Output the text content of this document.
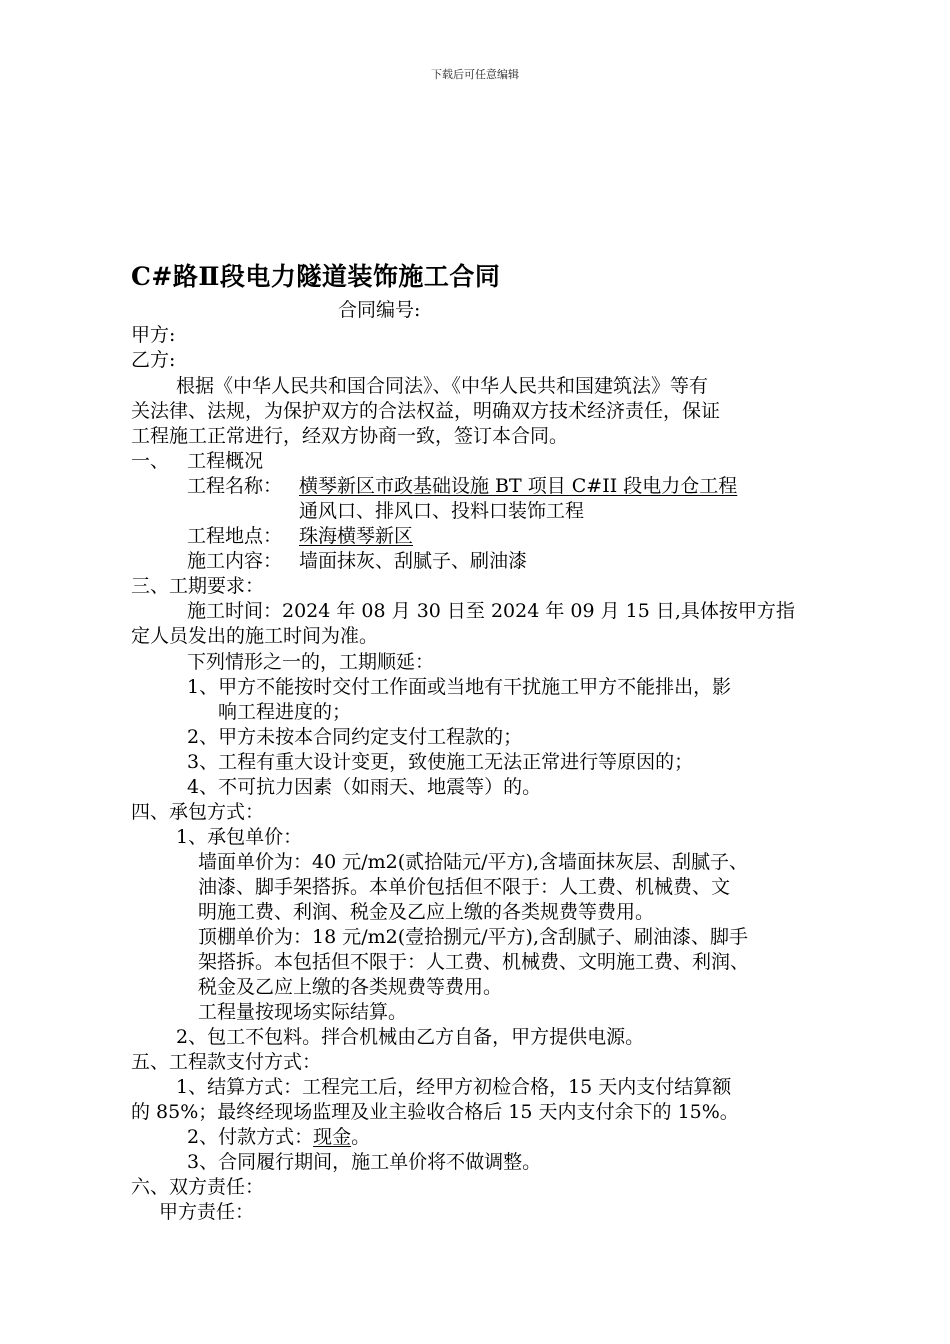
下载后可任意编辑
C#路Ⅱ段电力隧道装饰施工合同
合同编号:
甲方:
乙方:
根据《中华人民共和国合同法》、《中华人民共和国建筑法》等有
关法律、法规，为保护双方的合法权益，明确双方技术经济责任，保证
工程施工正常进行，经双方协商一致，签订本合同。
一、   工程概况
工程名称： 横琴新区市政基础设施 BT 项目 C#II 段电力仓工程
通风口、排风口、投料口装饰工程
工程地点： 珠海横琴新区
施工内容： 墙面抹灰、刮腻子、刷油漆
三、工期要求：
施工时间：2024 年 08 月 30 日至 2024 年 09 月 15 日,具体按甲方指
定人员发出的施工时间为准。
下列情形之一的，工期顺延：
1、甲方不能按时交付工作面或当地有干扰施工甲方不能排出，影
响工程进度的；
2、甲方未按本合同约定支付工程款的；
3、工程有重大设计变更，致使施工无法正常进行等原因的；
4、不可抗力因素（如雨天、地震等）的。
四、承包方式：
1、承包单价：
墙面单价为：40 元/m2(贰拾陆元/平方),含墙面抹灰层、刮腻子、
油漆、脚手架搭拆。本单价包括但不限于：人工费、机械费、文
明施工费、利润、税金及乙应上缴的各类规费等费用。
顶棚单价为：18 元/m2(壹拾捌元/平方),含刮腻子、刷油漆、脚手
架搭拆。本包括但不限于：人工费、机械费、文明施工费、利润、
税金及乙应上缴的各类规费等费用。
工程量按现场实际结算。
2、包工不包料。拌合机械由乙方自备，甲方提供电源。
五、工程款支付方式：
1、结算方式：工程完工后，经甲方初检合格，15 天内支付结算额
的 85%；最终经现场监理及业主验收合格后 15 天内支付余下的 15%。
2、付款方式：现金。
3、合同履行期间，施工单价将不做调整。
六、双方责任：
甲方责任：
